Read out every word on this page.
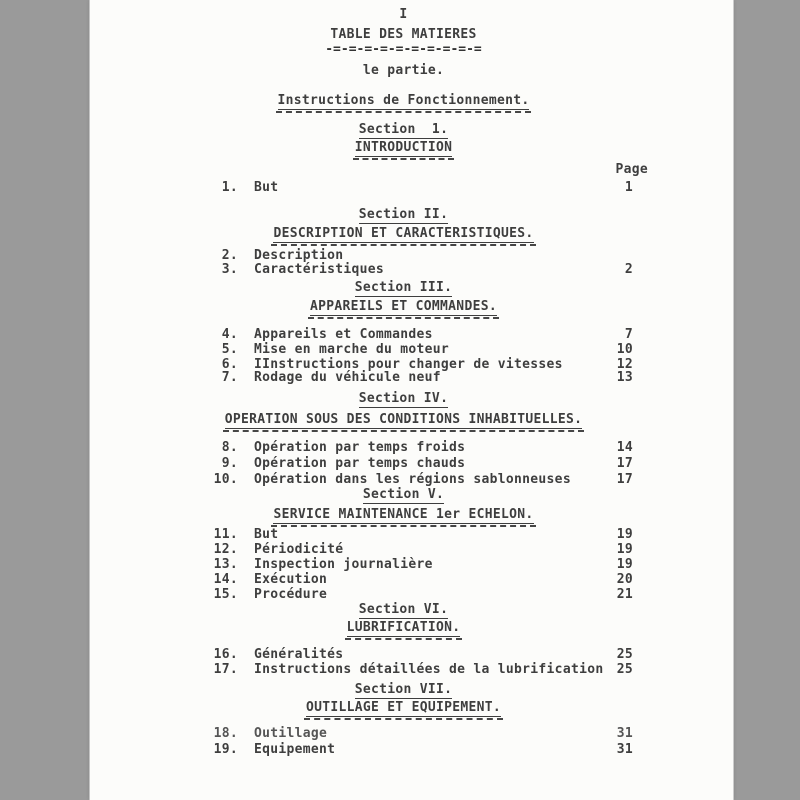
I
TABLE DES MATIERES
-=-=-=-=-=-=-=-=-=-=
le partie.
Instructions de Fonctionnement.
Page
Section  1.
INTRODUCTION
1. But	1
Section II.
DESCRIPTION ET CARACTERISTIQUES.
2. Description
3. Caractéristiques	2
Section III.
APPAREILS ET COMMANDES.
4. Appareils et Commandes	7
5. Mise en marche du moteur	10
6. IInstructions pour changer de vitesses	12
7. Rodage du véhicule neuf	13
Section IV.
OPERATION SOUS DES CONDITIONS INHABITUELLES.
8. Opération par temps froids	14
9. Opération par temps chauds	17
10. Opération dans les régions sablonneuses	17
Section V.
SERVICE MAINTENANCE 1er ECHELON.
11. But	19
12. Périodicité	19
13. Inspection journalière	19
14. Exécution	20
15. Procédure	21
Section VI.
LUBRIFICATION.
16. Généralités	25
17. Instructions détaillées de la lubrification 25
Section VII.
OUTILLAGE ET EQUIPEMENT.
18. Outillage	31
19. Equipement	31
